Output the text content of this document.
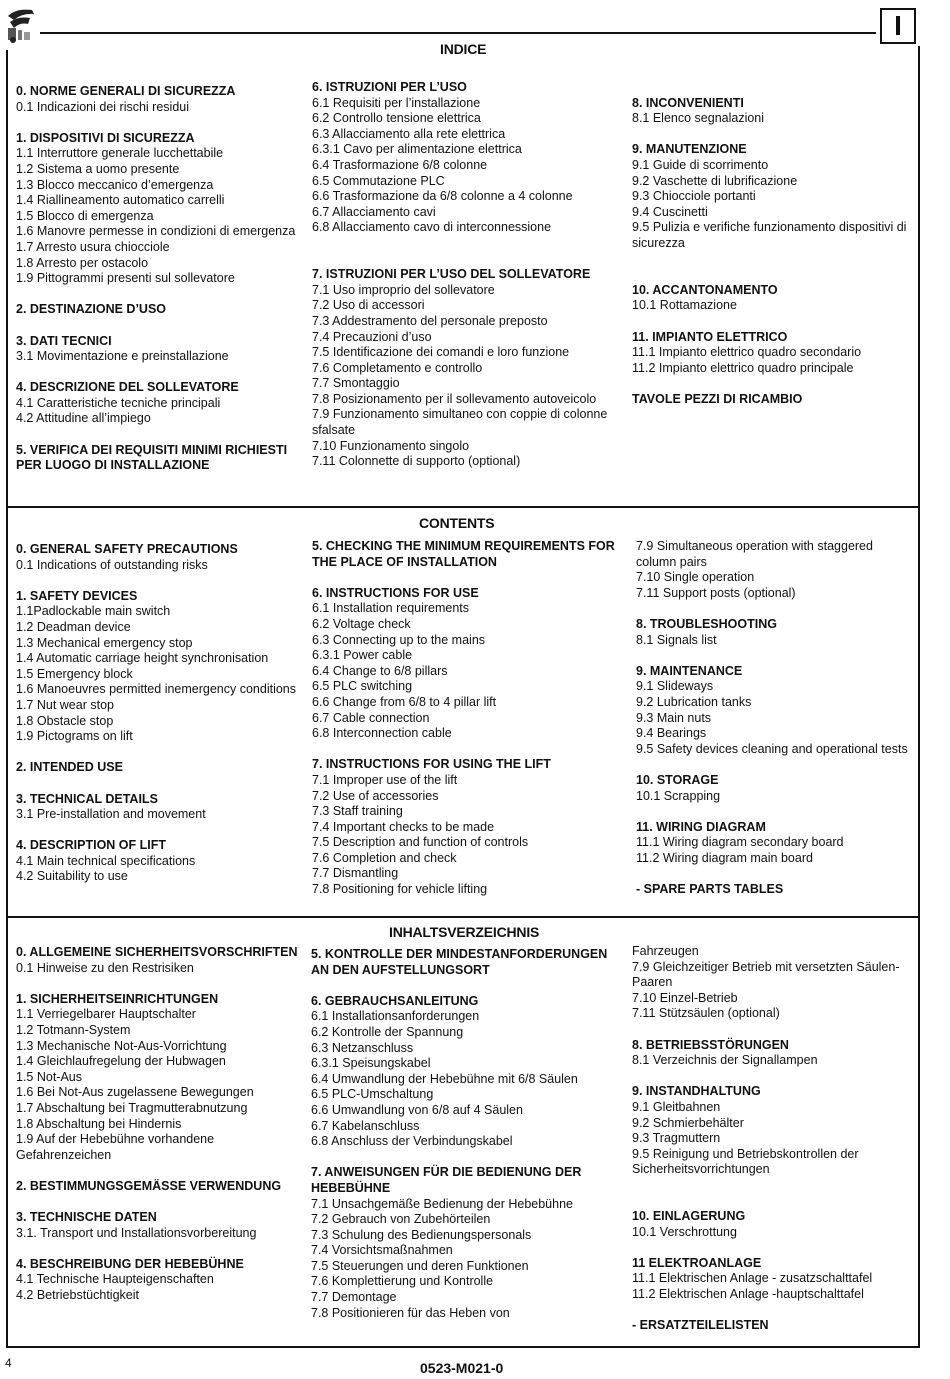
I
INDICE
0. NORME GENERALI DI SICUREZZA
0.1 Indicazioni dei rischi residui
1. DISPOSITIVI DI SICUREZZA
1.1 Interruttore generale lucchettabile
1.2 Sistema a uomo presente
1.3 Blocco meccanico d’emergenza
1.4 Riallineamento automatico carrelli
1.5 Blocco di emergenza
1.6 Manovre permesse in condizioni di emergenza
1.7 Arresto usura chiocciole
1.8 Arresto per ostacolo
1.9 Pittogrammi presenti sul sollevatore
2. DESTINAZIONE D’USO
3. DATI TECNICI
3.1 Movimentazione e preinstallazione
4. DESCRIZIONE DEL SOLLEVATORE
4.1 Caratteristiche tecniche principali
4.2 Attitudine all’impiego
5. VERIFICA DEI REQUISITI MINIMI RICHIESTI PER LUOGO DI INSTALLAZIONE
6. ISTRUZIONI PER L’USO
6.1 Requisiti per l’installazione
6.2 Controllo tensione elettrica
6.3 Allacciamento alla rete elettrica
6.3.1 Cavo per alimentazione elettrica
6.4 Trasformazione 6/8 colonne
6.5 Commutazione PLC
6.6 Trasformazione da 6/8 colonne a 4 colonne
6.7 Allacciamento cavi
6.8 Allacciamento cavo di interconnessione
7. ISTRUZIONI PER L’USO DEL SOLLEVATORE
7.1 Uso improprio del sollevatore
7.2 Uso di accessori
7.3 Addestramento del personale preposto
7.4 Precauzioni d’uso
7.5 Identificazione dei comandi e loro funzione
7.6 Completamento e controllo
7.7 Smontaggio
7.8 Posizionamento per il sollevamento autoveicolo
7.9 Funzionamento simultaneo con coppie di colonne sfalsate
7.10 Funzionamento singolo
7.11 Colonnette di supporto (optional)
8. INCONVENIENTI
8.1 Elenco segnalazioni
9. MANUTENZIONE
9.1 Guide di scorrimento
9.2 Vaschette di lubrificazione
9.3 Chiocciole portanti
9.4 Cuscinetti
9.5 Pulizia e verifiche funzionamento dispositivi di sicurezza
10. ACCANTONAMENTO
10.1 Rottamazione
11. IMPIANTO ELETTRICO
11.1 Impianto elettrico quadro secondario
11.2 Impianto elettrico quadro principale
TAVOLE PEZZI DI RICAMBIO
CONTENTS
0. GENERAL SAFETY PRECAUTIONS
0.1 Indications of outstanding risks
1. SAFETY DEVICES
1.1Padlockable main switch
1.2 Deadman device
1.3 Mechanical emergency stop
1.4 Automatic carriage height synchronisation
1.5 Emergency block
1.6 Manoeuvres permitted inemergency conditions
1.7 Nut wear stop
1.8 Obstacle stop
1.9 Pictograms on lift
2. INTENDED USE
3. TECHNICAL DETAILS
3.1 Pre-installation and movement
4. DESCRIPTION OF LIFT
4.1 Main technical specifications
4.2 Suitability to use
5. CHECKING THE MINIMUM REQUIREMENTS FOR THE PLACE OF INSTALLATION
6. INSTRUCTIONS FOR USE
6.1 Installation requirements
6.2 Voltage check
6.3 Connecting up to the mains
6.3.1 Power cable
6.4 Change to 6/8 pillars
6.5 PLC switching
6.6 Change from 6/8 to 4 pillar lift
6.7 Cable connection
6.8 Interconnection cable
7. INSTRUCTIONS FOR USING THE LIFT
7.1 Improper use of the lift
7.2 Use of accessories
7.3 Staff training
7.4 Important checks to be made
7.5 Description and function of controls
7.6 Completion and check
7.7 Dismantling
7.8 Positioning for vehicle lifting
7.9 Simultaneous operation with staggered column pairs
7.10 Single operation
7.11 Support posts (optional)
8. TROUBLESHOOTING
8.1 Signals list
9. MAINTENANCE
9.1 Slideways
9.2 Lubrication tanks
9.3 Main nuts
9.4 Bearings
9.5 Safety devices cleaning and operational tests
10. STORAGE
10.1 Scrapping
11. WIRING DIAGRAM
11.1 Wiring diagram secondary board
11.2 Wiring diagram main board
- SPARE PARTS TABLES
INHALTSVERZEICHNIS
0. ALLGEMEINE SICHERHEITSVORSCHRIFTEN
0.1 Hinweise zu den Restrisiken
1. SICHERHEITSEINRICHTUNGEN
1.1 Verriegelbarer Hauptschalter
1.2 Totmann-System
1.3 Mechanische Not-Aus-Vorrichtung
1.4 Gleichlaufregelung der Hubwagen
1.5 Not-Aus
1.6 Bei Not-Aus zugelassene Bewegungen
1.7 Abschaltung bei Tragmutterabnutzung
1.8 Abschaltung bei Hindernis
1.9 Auf der Hebebühne vorhandene Gefahrenzeichen
2. BESTIMMUNGSGEMÄSSE VERWENDUNG
3. TECHNISCHE DATEN
3.1. Transport und Installationsvorbereitung
4. BESCHREIBUNG DER HEBEBÜHNE
4.1 Technische Haupteigenschaften
4.2 Betriebstüchtigkeit
5. KONTROLLE DER MINDESTANFORDERUNGEN AN DEN AUFSTELLUNGSORT
6. GEBRAUCHSANLEITUNG
6.1 Installationsanforderungen
6.2 Kontrolle der Spannung
6.3 Netzanschluss
6.3.1 Speisungskabel
6.4 Umwandlung der Hebebühne mit 6/8 Säulen
6.5 PLC-Umschaltung
6.6 Umwandlung von 6/8 auf 4 Säulen
6.7 Kabelanschluss
6.8 Anschluss der Verbindungskabel
7. ANWEISUNGEN FÜR DIE BEDIENUNG DER HEBEBÜHNE
7.1 Unsachgemäße Bedienung der Hebebühne
7.2 Gebrauch von Zubehörteilen
7.3 Schulung des Bedienungspersonals
7.4 Vorsichtsmaßnahmen
7.5 Steuerungen und deren Funktionen
7.6 Komplettierung und Kontrolle
7.7 Demontage
7.8 Positionieren für das Heben von
Fahrzeugen
7.9 Gleichzeitiger Betrieb mit versetzten Säulen-Paaren
7.10 Einzel-Betrieb
7.11 Stützsäulen (optional)
8. BETRIEBSSTÖRUNGEN
8.1 Verzeichnis der Signallampen
9. INSTANDHALTUNG
9.1 Gleitbahnen
9.2 Schmierbehälter
9.3 Tragmuttern
9.5 Reinigung und Betriebskontrollen der Sicherheitsvorrichtungen
10. EINLAGERUNG
10.1 Verschrottung
11 ELEKTROANLAGE
11.1 Elektrischen Anlage - zusatzschalttafel
11.2 Elektrischen Anlage -hauptschalttafel
- ERSATZTEILELISTEN
4	0523-M021-0
